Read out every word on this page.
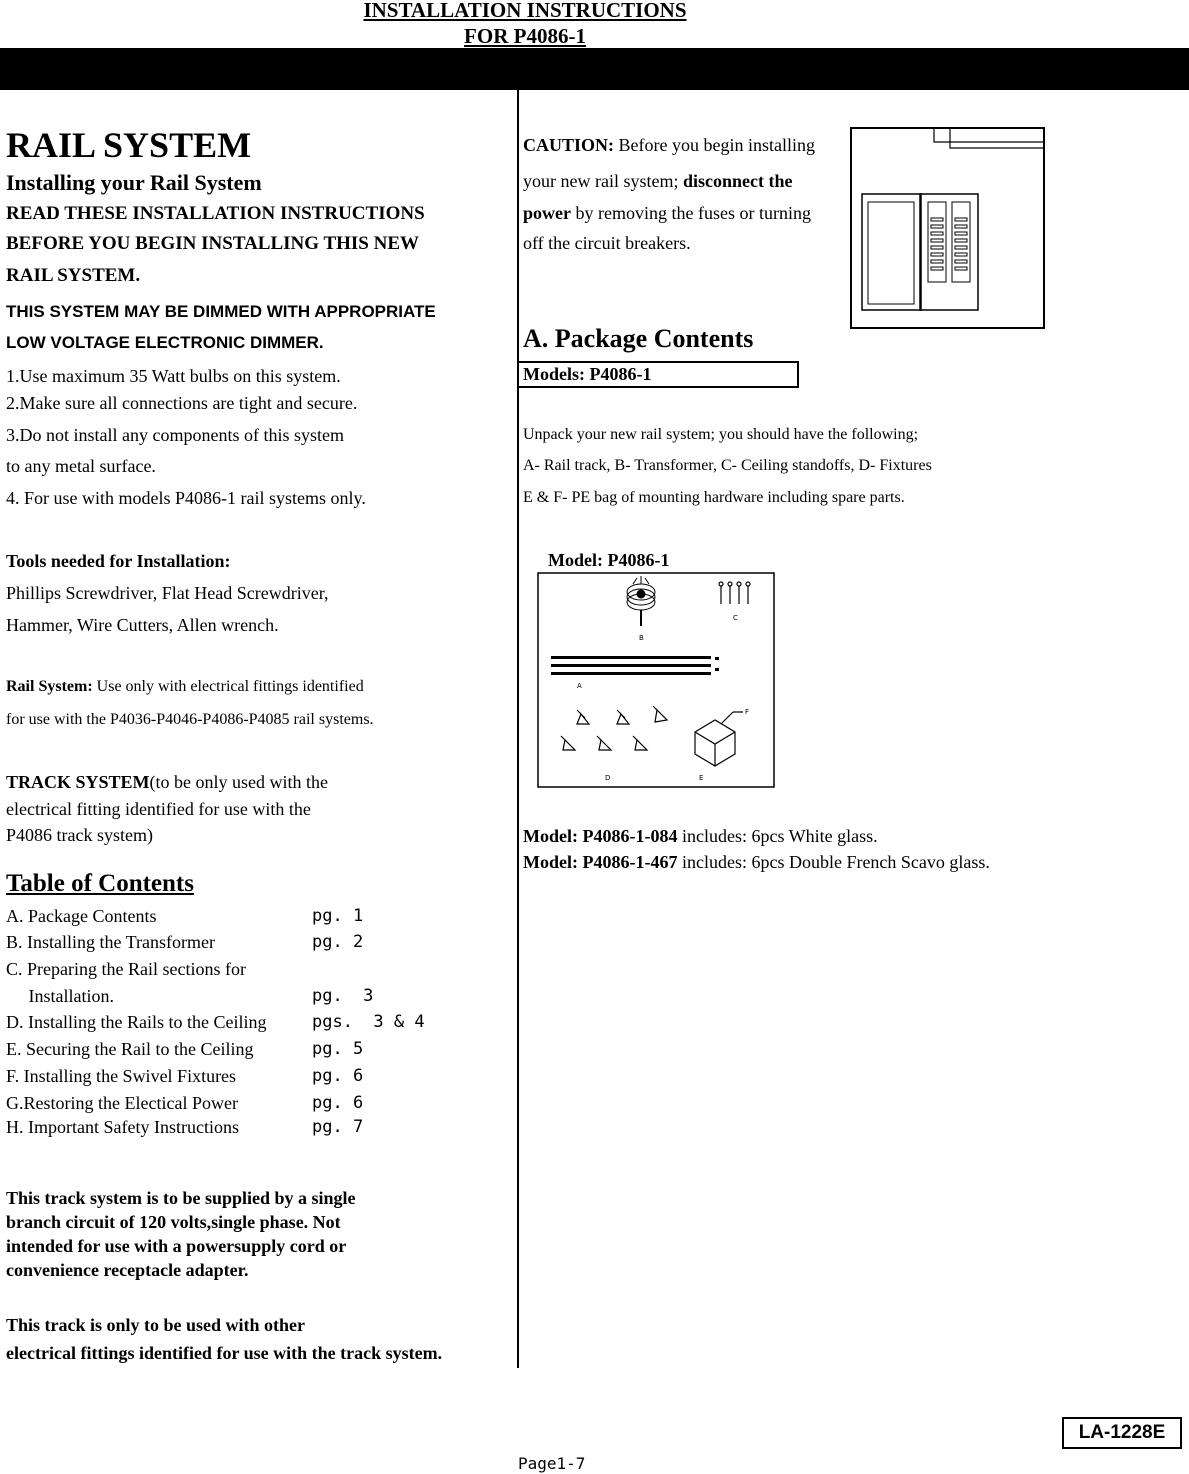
INSTALLATION INSTRUCTIONS
FOR P4086-1
RAIL SYSTEM
Installing your Rail System
READ THESE INSTALLATION INSTRUCTIONS
BEFORE YOU BEGIN INSTALLING THIS NEW
RAIL SYSTEM.
THIS SYSTEM MAY BE DIMMED WITH APPROPRIATE
LOW VOLTAGE ELECTRONIC DIMMER.
1.Use maximum 35 Watt bulbs on this system.
2.Make sure all connections are tight and secure.
3.Do not install any components of this system
to any metal surface.
4. For use with models P4086-1 rail systems only.
Tools needed for Installation:
Phillips Screwdriver, Flat Head Screwdriver,
Hammer, Wire Cutters, Allen wrench.
Rail System: Use only with electrical fittings identified
for use with the P4036-P4046-P4086-P4085 rail systems.
TRACK SYSTEM(to be only used with the
electrical fitting identified for use with the
P4086 track system)
Table of Contents
A. Package Contents	pg. 1
B. Installing the Transformer	pg. 2
C. Preparing the Rail sections for
Installation.	pg.  3
D. Installing the Rails to the Ceiling	pgs.  3 & 4
E. Securing the Rail to the Ceiling	pg. 5
F. Installing the Swivel Fixtures	pg. 6
G.Restoring the Electical Power	pg. 6
H. Important Safety Instructions	pg. 7
This track system is to be supplied by a single
branch circuit of 120 volts,single phase. Not
intended for use with a powersupply cord or
convenience receptacle adapter.
This track is only to be used with other
electrical fittings identified for use with the track system.
CAUTION: Before you begin installing
your new rail system; disconnect the
power by removing the fuses or turning
off the circuit breakers.
A. Package Contents
Models: P4086-1
Unpack your new rail system; you should have the following;
A- Rail track, B- Transformer, C- Ceiling standoffs, D- Fixtures
E & F- PE bag of mounting hardware including spare parts.
Model: P4086-1
B
C
A
D
F
E
Model: P4086-1-084 includes: 6pcs White glass.
Model: P4086-1-467 includes: 6pcs Double French Scavo glass.
LA-1228E
Page1-7
